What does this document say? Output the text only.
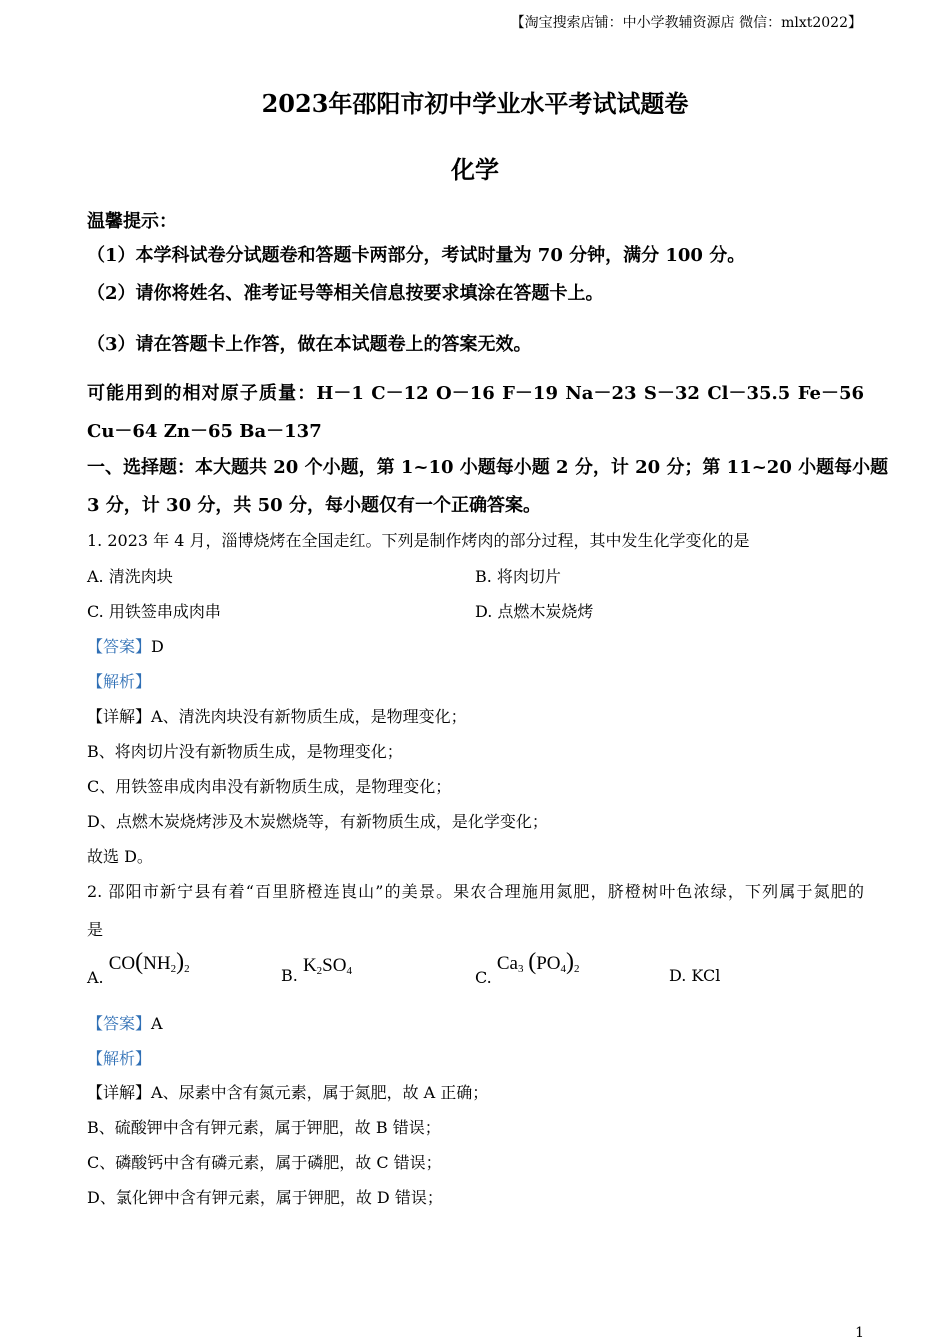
【淘宝搜索店铺：中小学教辅资源店 微信：mlxt2022】
2023年邵阳市初中学业水平考试试题卷
化学
温馨提示：
（1）本学科试卷分试题卷和答题卡两部分，考试时量为 70 分钟，满分 100 分。
（2）请你将姓名、准考证号等相关信息按要求填涂在答题卡上。
（3）请在答题卡上作答，做在本试题卷上的答案无效。
可能用到的相对原子质量：H－1 C－12 O－16 F－19 Na－23 S－32 Cl－35.5 Fe－56
Cu－64 Zn－65 Ba－137
一、选择题：本大题共 20 个小题，第 1~10 小题每小题 2 分，计 20 分；第 11~20 小题每小题
3 分，计 30 分，共 50 分，每小题仅有一个正确答案。
1. 2023 年 4 月，淄博烧烤在全国走红。下列是制作烤肉的部分过程，其中发生化学变化的是
A. 清洗肉块	B. 将肉切片
C. 用铁签串成肉串	D. 点燃木炭烧烤
【答案】D
【解析】
【详解】A、清洗肉块没有新物质生成，是物理变化；
B、将肉切片没有新物质生成，是物理变化；
C、用铁签串成肉串没有新物质生成，是物理变化；
D、点燃木炭烧烤涉及木炭燃烧等，有新物质生成，是化学变化；
故选 D。
2. 邵阳市新宁县有着“百里脐橙连崀山”的美景。果农合理施用氮肥，脐橙树叶色浓绿，下列属于氮肥的
是
A. $CO(NH_2)_2$	B. $K_2SO_4$	C. $Ca_3$ $(PO_4)_2$	D. KCl
【答案】A
【解析】
【详解】A、尿素中含有氮元素，属于氮肥，故 A 正确；
B、硫酸钾中含有钾元素，属于钾肥，故 B 错误；
C、磷酸钙中含有磷元素，属于磷肥，故 C 错误；
D、氯化钾中含有钾元素，属于钾肥，故 D 错误；
1
